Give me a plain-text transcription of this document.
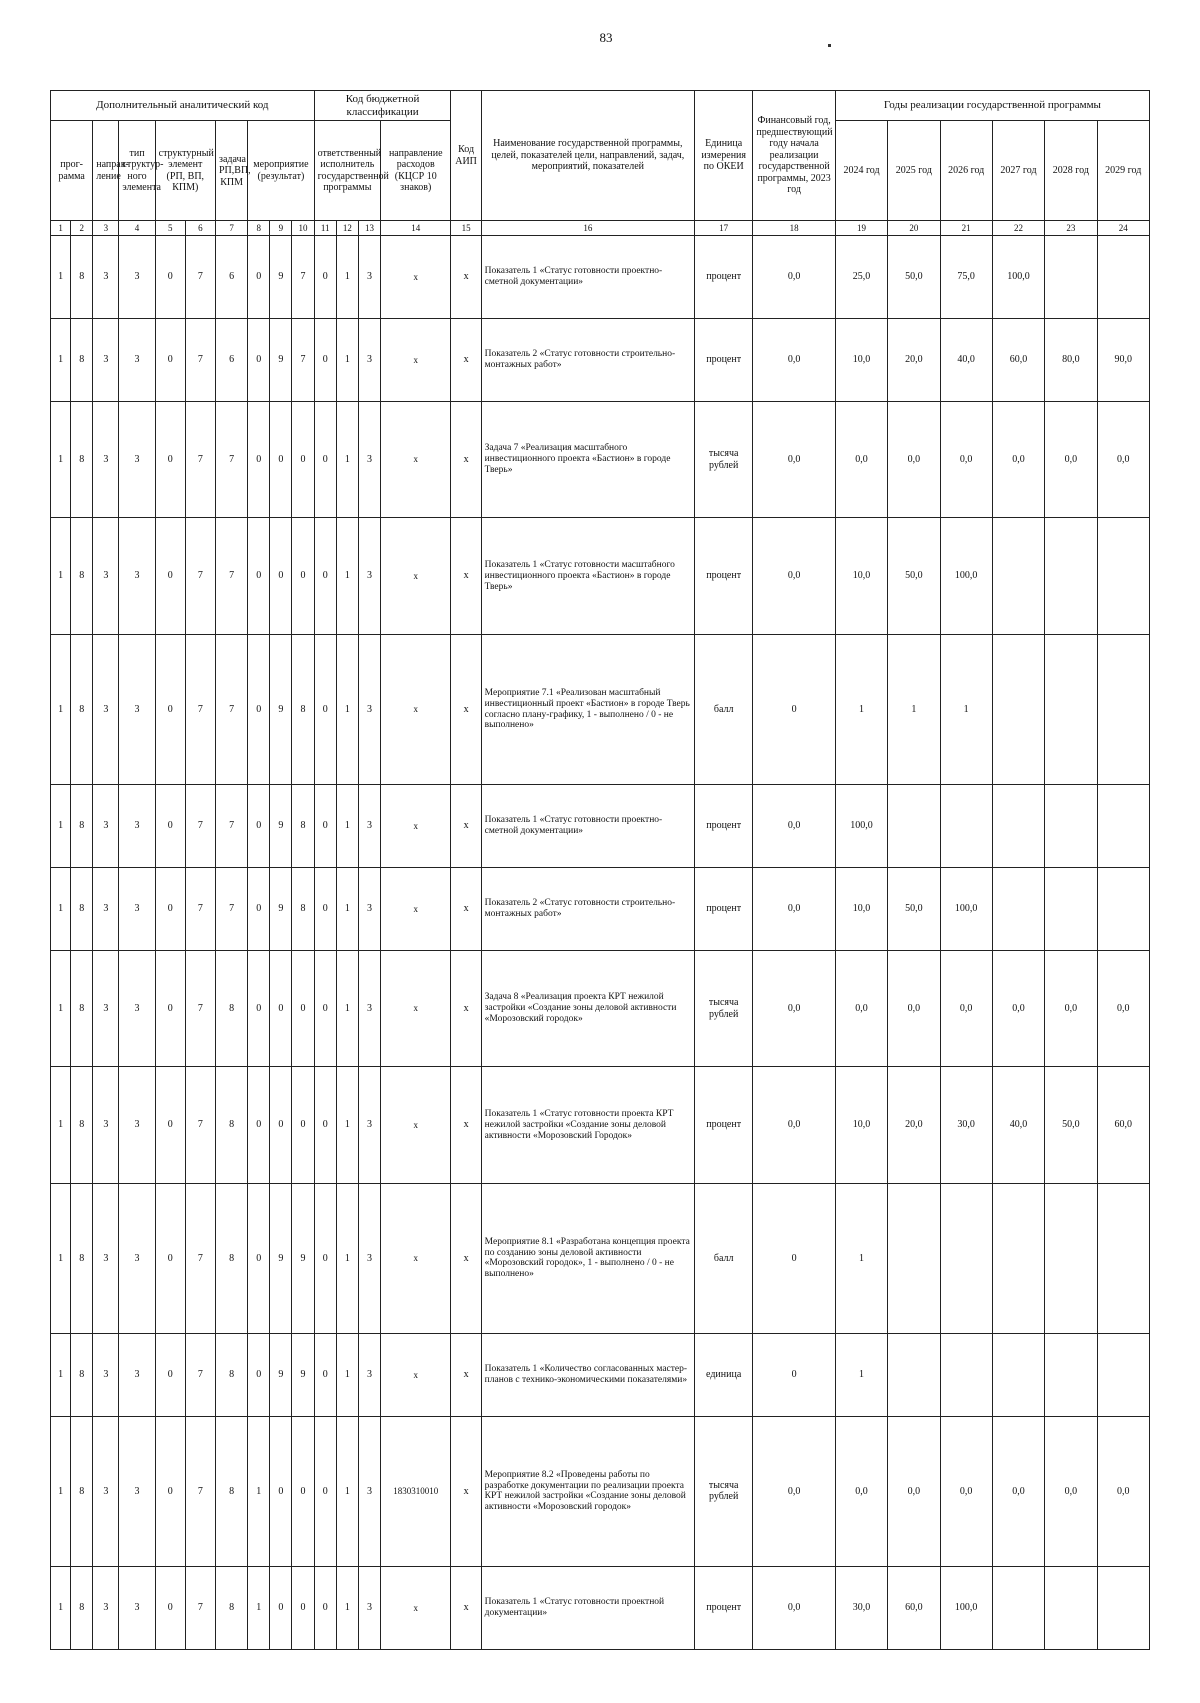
83
Дополнительный аналитический код										Код бюджетной классификации				Код АИП	Наименование государственной программы, целей, показателей цели, направлений, задач, мероприятий, показателей	Единица измерения по ОКЕИ	Финансовый год, предшествующий году начала реализации государственной программы, 2023 год	Годы реализации государственной программы					
прог-рамма		направ-ление	тип структур-ного элемента	структурный элемент (РП, ВП, КПМ)		задача РП,ВП, КПМ	мероприятие (результат)			ответственный исполнитель государственной программы			направление расходов (КЦСР 10 знаков)					2024 год	2025 год	2026 год	2027 год	2028 год	2029 год

1	2	3	4	5	6	7	8	9	10	11	12	13	14	15	16	17	18	19	20	21	22	23	24
1	8	3	3	0	7	6	0	9	7	0	1	3	x	x	Показатель 1 «Статус готовности проектно-сметной документации»	процент	0,0	25,0	50,0	75,0	100,0		
1	8	3	3	0	7	6	0	9	7	0	1	3	x	x	Показатель 2 «Статус готовности строительно-монтажных работ»	процент	0,0	10,0	20,0	40,0	60,0	80,0	90,0
1	8	3	3	0	7	7	0	0	0	0	1	3	x	x	Задача 7 «Реализация масштабного инвестиционного проекта «Бастион» в городе Тверь»	тысяча рублей	0,0	0,0	0,0	0,0	0,0	0,0	0,0
1	8	3	3	0	7	7	0	0	0	0	1	3	x	x	Показатель 1 «Статус готовности масштабного инвестиционного проекта «Бастион» в городе Тверь»	процент	0,0	10,0	50,0	100,0			
1	8	3	3	0	7	7	0	9	8	0	1	3	x	x	Мероприятие 7.1 «Реализован масштабный инвестиционный проект «Бастион» в городе Тверь согласно плану-графику, 1 - выполнено / 0 - не выполнено»	балл	0	1	1	1			
1	8	3	3	0	7	7	0	9	8	0	1	3	x	x	Показатель 1 «Статус готовности проектно-сметной документации»	процент	0,0	100,0					
1	8	3	3	0	7	7	0	9	8	0	1	3	x	x	Показатель 2 «Статус готовности строительно-монтажных работ»	процент	0,0	10,0	50,0	100,0			
1	8	3	3	0	7	8	0	0	0	0	1	3	x	x	Задача 8 «Реализация проекта КРТ нежилой застройки «Создание зоны деловой активности «Морозовский городок»	тысяча рублей	0,0	0,0	0,0	0,0	0,0	0,0	0,0
1	8	3	3	0	7	8	0	0	0	0	1	3	x	x	Показатель 1 «Статус готовности проекта КРТ нежилой застройки «Создание зоны деловой активности «Морозовский Городок»	процент	0,0	10,0	20,0	30,0	40,0	50,0	60,0
1	8	3	3	0	7	8	0	9	9	0	1	3	x	x	Мероприятие 8.1 «Разработана концепция проекта по созданию зоны деловой активности «Морозовский городок», 1 - выполнено / 0 - не выполнено»	балл	0	1					
1	8	3	3	0	7	8	0	9	9	0	1	3	x	x	Показатель 1 «Количество согласованных мастер-планов с технико-экономическими показателями»	единица	0	1					
1	8	3	3	0	7	8	1	0	0	0	1	3	1830310010	x	Мероприятие 8.2 «Проведены работы по разработке документации по реализации проекта КРТ нежилой застройки «Создание зоны деловой активности «Морозовский городок»	тысяча рублей	0,0	0,0	0,0	0,0	0,0	0,0	0,0
1	8	3	3	0	7	8	1	0	0	0	1	3	x	x	Показатель 1 «Статус готовности проектной документации»	процент	0,0	30,0	60,0	100,0			
